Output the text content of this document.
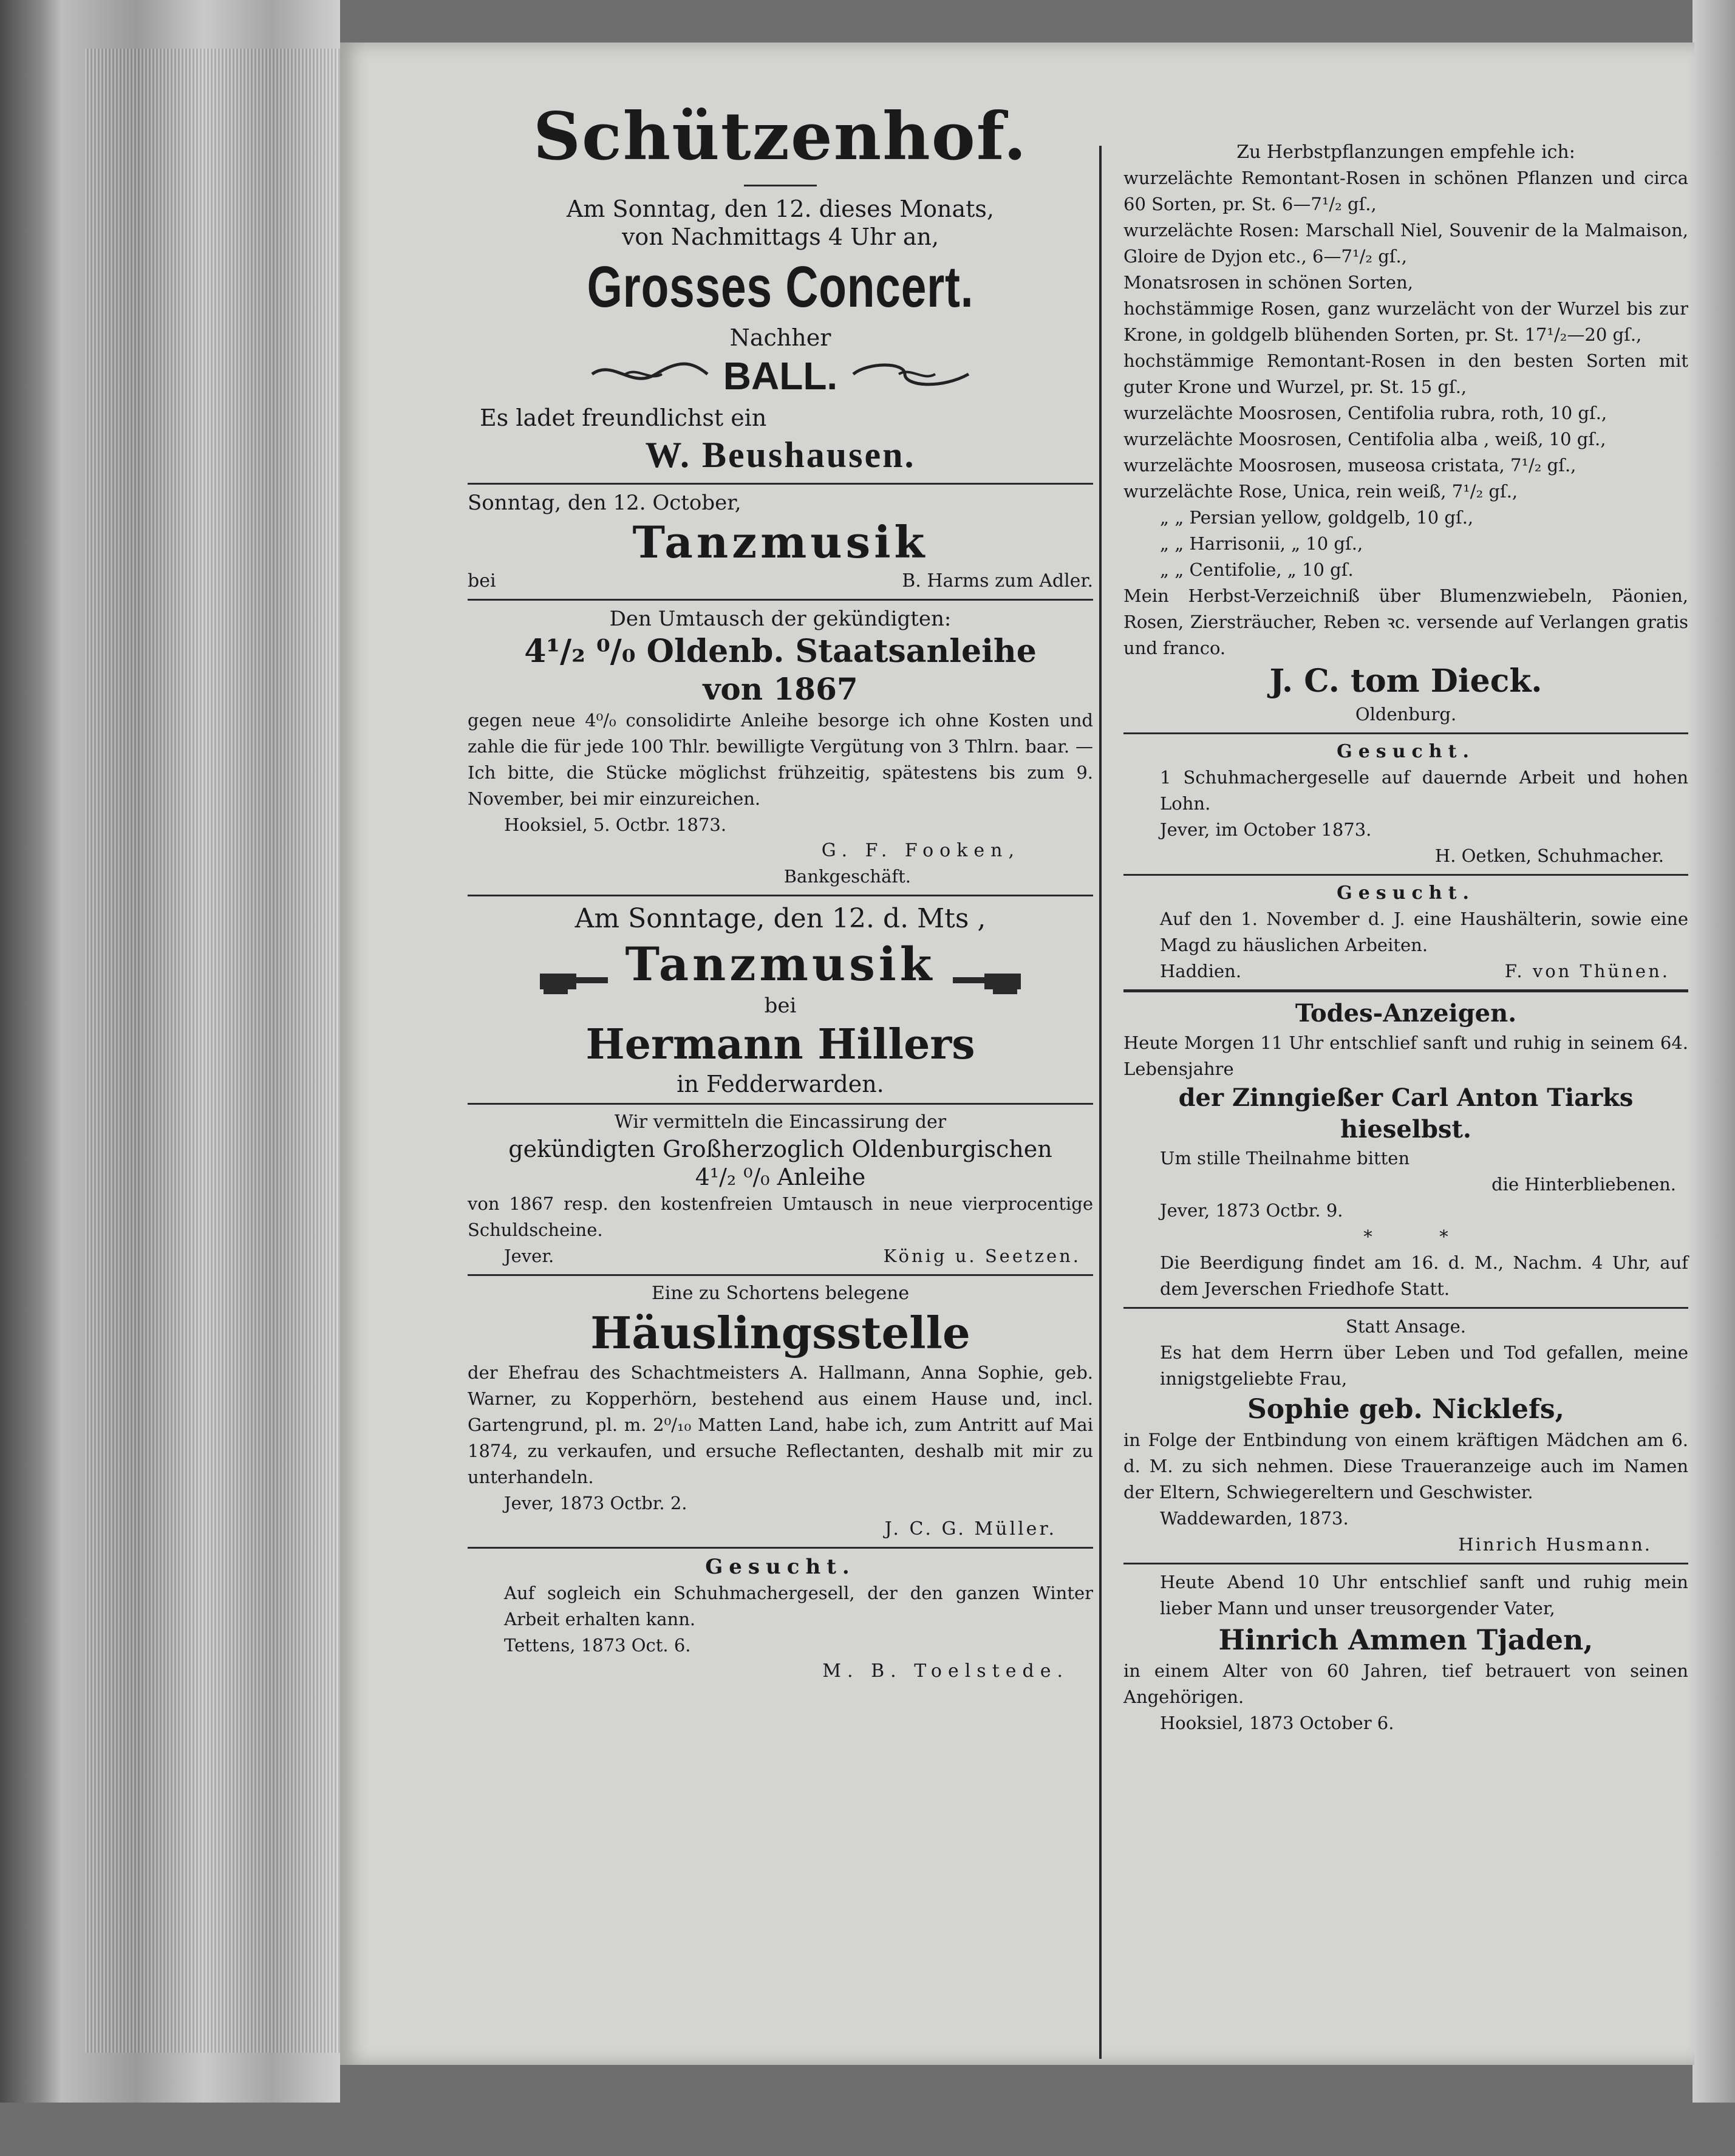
Schützenhof.

Am Sonntag, den 12. dieses Monats,

von Nachmittags 4 Uhr an,

Grosses Concert.

Nachher

BALL.

Es ladet freundlichst ein

W. Beushausen.

Sonntag, den 12. October,

Tanzmusik

bei	B. Harms zum Adler.

Den Umtausch der gekündigten:

4¹/₂ ⁰/₀ Oldenb. Staatsanleihe

von 1867

gegen neue 4⁰/₀ consolidirte Anleihe besorge ich ohne Kosten und zahle die für jede 100 Thlr. bewilligte Vergütung von 3 Thlrn. baar. — Ich bitte, die Stücke möglichst frühzeitig, spätestens bis zum 9. November, bei mir einzureichen.

Hooksiel, 5. Octbr. 1873.

G. F. Fooken,

Bankgeschäft.

Am Sonntage, den 12. d. Mts ,

Tanzmusik

bei

Hermann Hillers

in Fedderwarden.

Wir vermitteln die Eincassirung der

gekündigten Großherzoglich Oldenburgischen

4¹/₂ ⁰/₀ Anleihe

von 1867 resp. den kostenfreien Umtausch in neue vierprocentige Schuldscheine.

Jever.	König u. Seetzen.

Eine zu Schortens belegene

Häuslingsstelle

der Ehefrau des Schachtmeisters A. Hallmann, Anna Sophie, geb. Warner, zu Kopperhörn, bestehend aus einem Hause und, incl. Gartengrund, pl. m. 2⁰/₁₀ Matten Land, habe ich, zum Antritt auf Mai 1874, zu verkaufen, und ersuche Reflectanten, deshalb mit mir zu unterhandeln.

Jever, 1873 Octbr. 2.

J. C. G. Müller.

Gesucht.

Auf sogleich ein Schuhmachergesell, der den ganzen Winter Arbeit erhalten kann.

Tettens, 1873 Oct. 6.

M. B. Toelstede.

Zu Herbstpflanzungen empfehle ich:

wurzelächte Remontant-Rosen in schönen Pflanzen und circa 60 Sorten, pr. St. 6—7¹/₂ gſ.,

wurzelächte Rosen: Marschall Niel, Souvenir de la Malmaison, Gloire de Dyjon etc., 6—7¹/₂ gſ.,

Monatsrosen in schönen Sorten,

hochstämmige Rosen, ganz wurzelächt von der Wurzel bis zur Krone, in goldgelb blühenden Sorten, pr. St. 17¹/₂—20 gſ.,

hochstämmige Remontant-Rosen in den besten Sorten mit guter Krone und Wurzel, pr. St. 15 gſ.,

wurzelächte Moosrosen, Centifolia rubra, roth, 10 gſ.,

wurzelächte Moosrosen, Centifolia alba , weiß, 10 gſ.,

wurzelächte Moosrosen, museosa cristata, 7¹/₂ gſ.,

wurzelächte Rose, Unica, rein weiß, 7¹/₂ gſ.,

„ „ Persian yellow, goldgelb, 10 gſ.,

„ „ Harrisonii, „ 10 gſ.,

„ „ Centifolie, „ 10 gſ.

Mein Herbst-Verzeichniß über Blumenzwiebeln, Päonien, Rosen, Ziersträucher, Reben ꝛc. versende auf Verlangen gratis und franco.

J. C. tom Dieck.

Oldenburg.

Gesucht.

1 Schuhmachergeselle auf dauernde Arbeit und hohen Lohn.

Jever, im October 1873.

H. Oetken, Schuhmacher.

Gesucht.

Auf den 1. November d. J. eine Haushälterin, sowie eine Magd zu häuslichen Arbeiten.

Haddien.	F. von Thünen.

Todes-Anzeigen.

Heute Morgen 11 Uhr entschlief sanft und ruhig in seinem 64. Lebensjahre

der Zinngießer Carl Anton Tiarks

hieselbst.

Um stille Theilnahme bitten

die Hinterbliebenen.

Jever, 1873 Octbr. 9.

*            *

Die Beerdigung findet am 16. d. M., Nachm. 4 Uhr, auf dem Jeverschen Friedhofe Statt.

Statt Ansage.

Es hat dem Herrn über Leben und Tod gefallen, meine innigstgeliebte Frau,

Sophie geb. Nicklefs,

in Folge der Entbindung von einem kräftigen Mädchen am 6. d. M. zu sich nehmen. Diese Traueranzeige auch im Namen der Eltern, Schwiegereltern und Geschwister.

Waddewarden, 1873.

Hinrich Husmann.

Heute Abend 10 Uhr entschlief sanft und ruhig mein lieber Mann und unser treusorgender Vater,

Hinrich Ammen Tjaden,

in einem Alter von 60 Jahren, tief betrauert von seinen Angehörigen.

Hooksiel, 1873 October 6.
